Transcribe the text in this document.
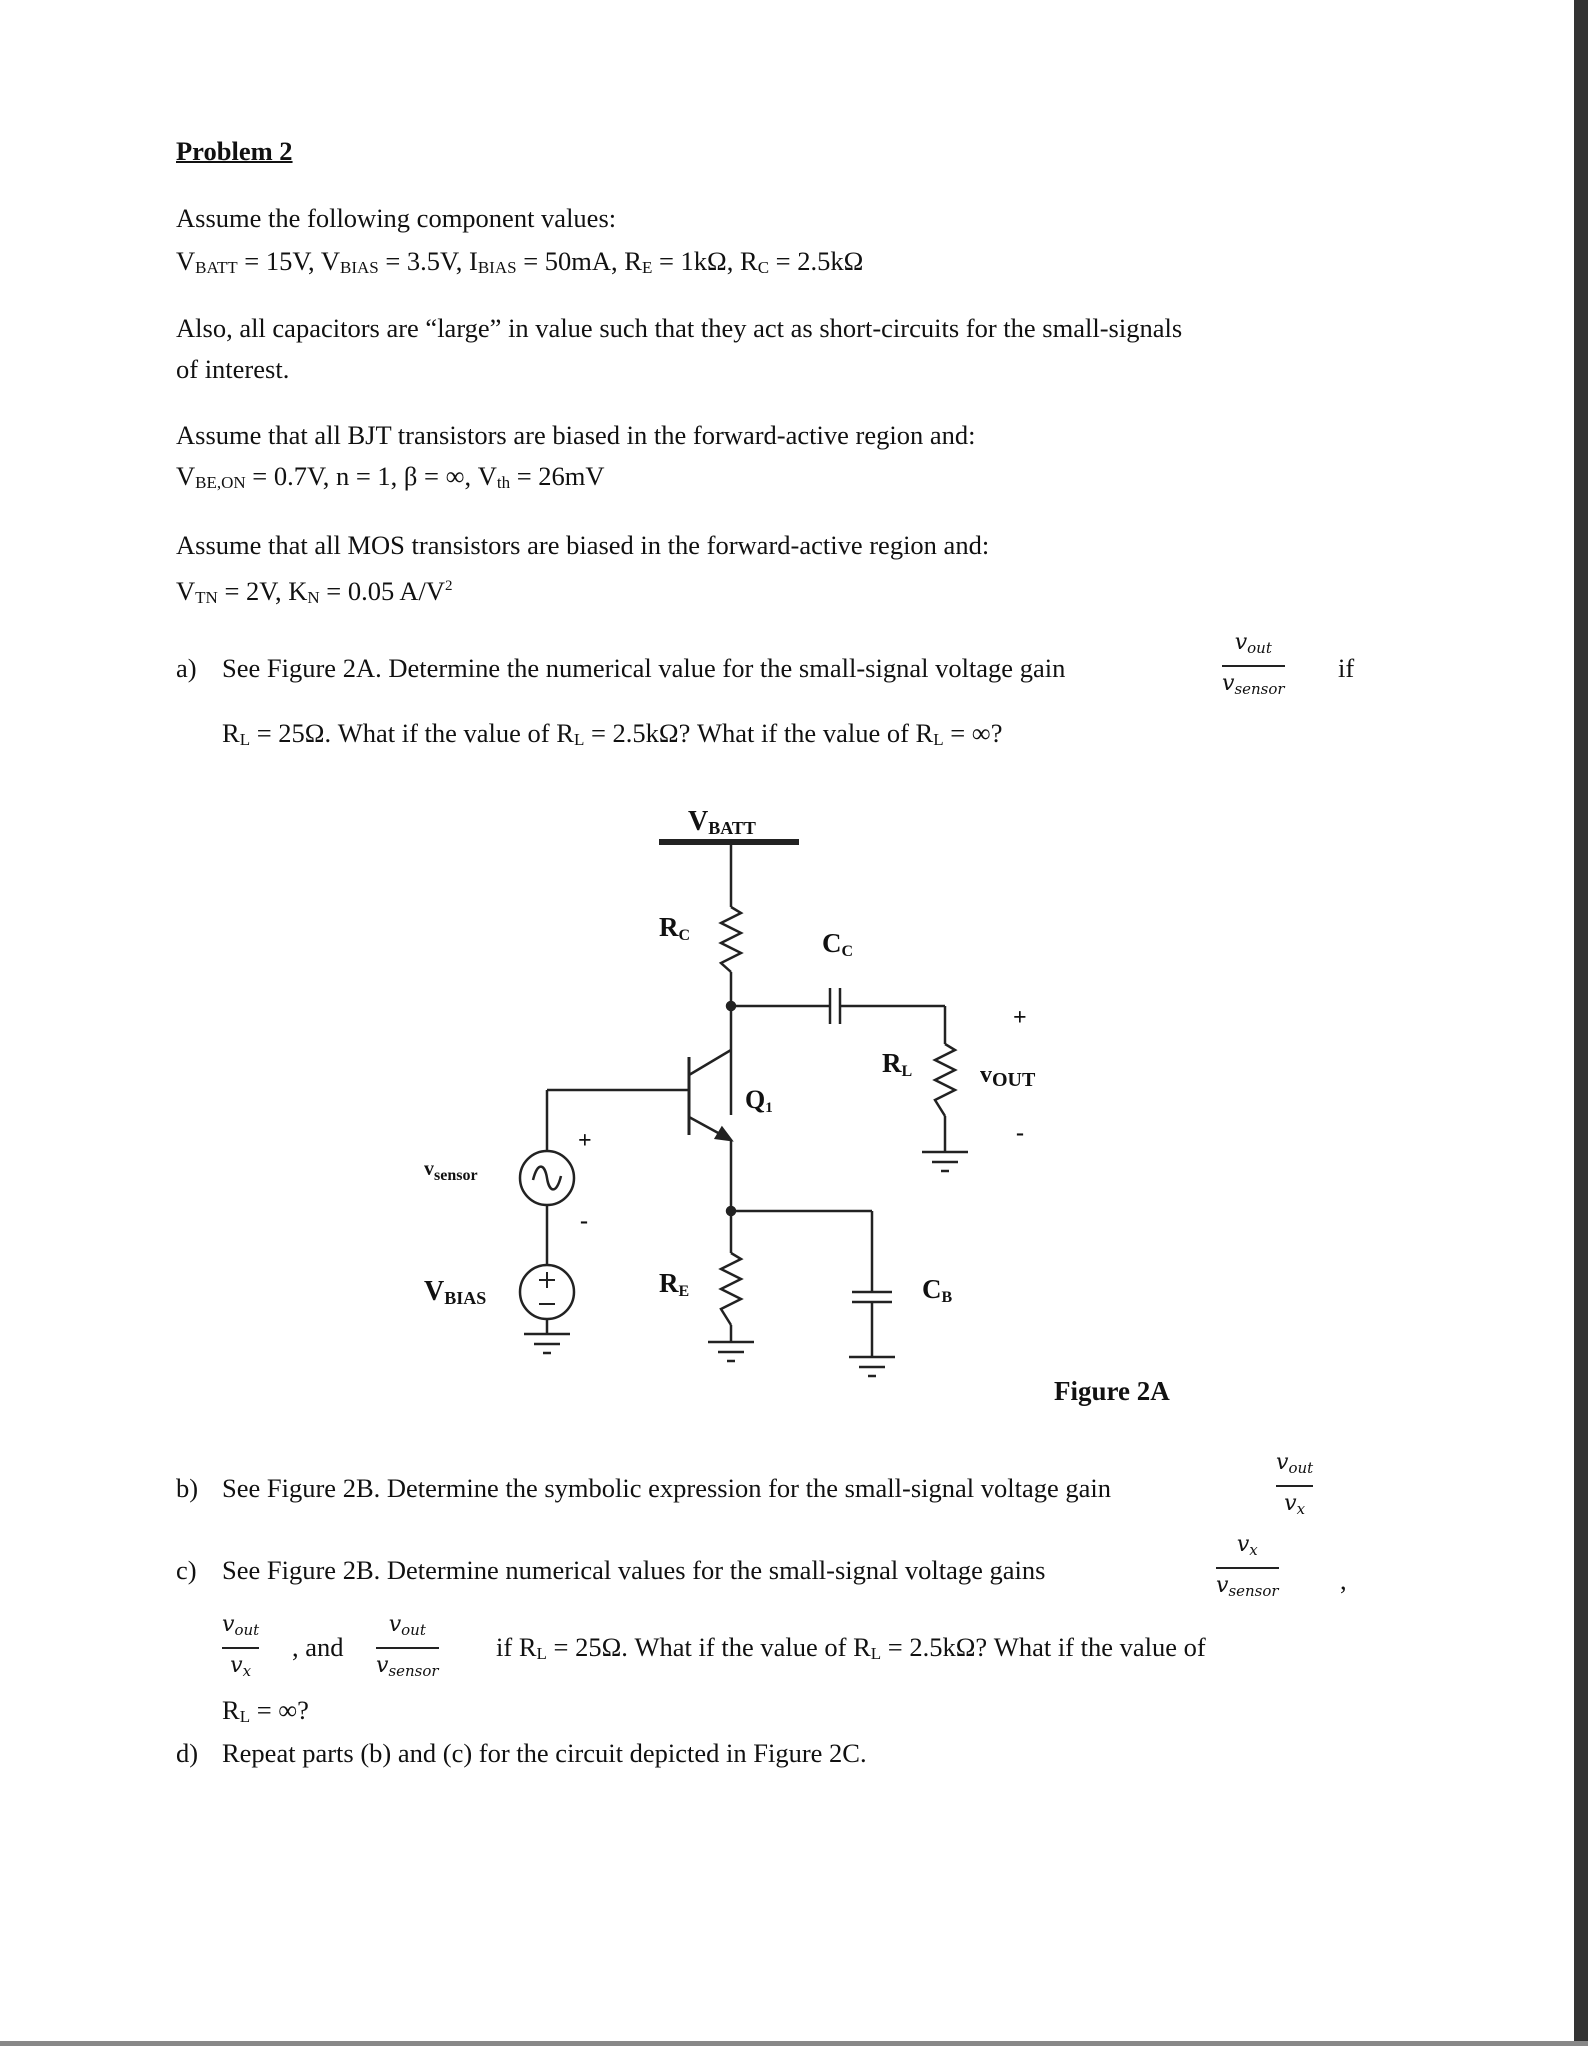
Problem 2
Assume the following component values:
VBATT = 15V, VBIAS = 3.5V, IBIAS = 50mA, RE = 1kΩ, RC = 2.5kΩ
Also, all capacitors are “large” in value such that they act as short-circuits for the small-signals
of interest.
Assume that all BJT transistors are biased in the forward-active region and:
VBE,ON = 0.7V, n = 1, β = ∞, Vth = 26mV
Assume that all MOS transistors are biased in the forward-active region and:
VTN = 2V, KN = 0.05 $A/V^2$
a) See Figure 2A. Determine the numerical value for the small-signal voltage gain
vout
vsensor
if
RL = 25Ω. What if the value of RL = 2.5kΩ? What if the value of RL = ∞?
VBATT
RC	CC
RL	vOUT
+
-
Q1
$v_{sensor}$
+
-
VBIAS	RE	CB
Figure 2A
b) See Figure 2B. Determine the symbolic expression for the small-signal voltage gain
vout
vx
c) See Figure 2B. Determine numerical values for the small-signal voltage gains
vx
vsensor ,
vout
vx
, and
vout
vsensor
if RL = 25Ω. What if the value of RL = 2.5kΩ? What if the value of
RL = ∞?
d) Repeat parts (b) and (c) for the circuit depicted in Figure 2C.
